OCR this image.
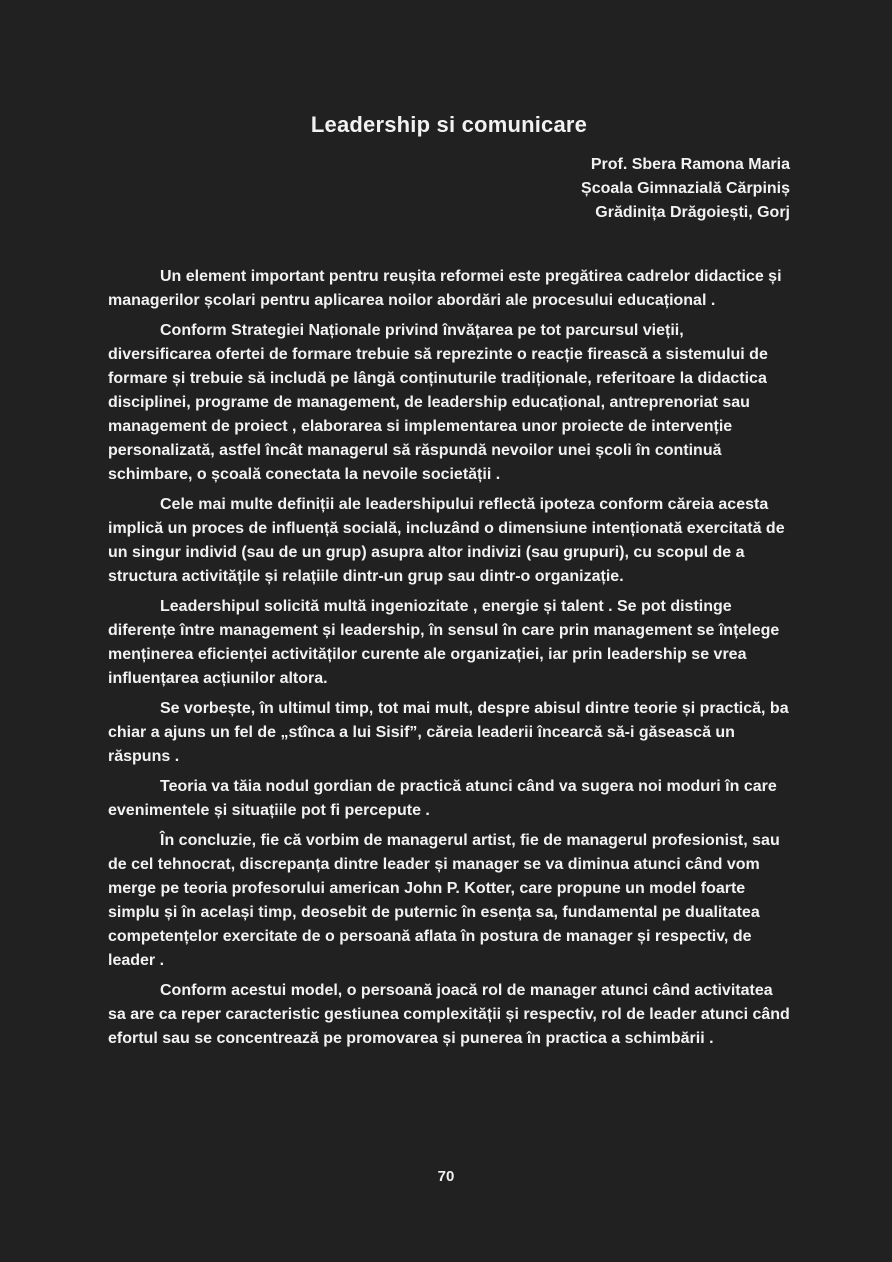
Leadership si comunicare
Prof. Sbera Ramona Maria
Școala Gimnazială Cărpiniș
Grădinița Drăgoiești, Gorj

Un element important pentru reușita reformei este pregătirea cadrelor didactice și managerilor școlari pentru aplicarea noilor abordări ale procesului educațional .

Conform Strategiei Naționale privind învățarea pe tot parcursul vieții, diversificarea ofertei de formare trebuie să reprezinte o reacție firească a sistemului de formare și trebuie să includă pe lângă conținuturile tradiționale, referitoare la didactica disciplinei, programe de management, de leadership educațional, antreprenoriat sau management de proiect , elaborarea si implementarea unor proiecte de intervenție personalizată, astfel încât managerul să răspundă nevoilor unei școli în continuă schimbare, o școală conectata la nevoile societății .

Cele mai multe definiții ale leadershipului reflectă ipoteza conform căreia acesta implică un proces de influență socială, incluzând o dimensiune intenționată exercitată de un singur individ (sau de un grup) asupra altor indivizi (sau grupuri), cu scopul de a structura activitățile și relațiile dintr-un grup sau dintr-o organizație.

Leadershipul solicită multă ingeniozitate , energie și talent . Se pot distinge diferențe între management și leadership, în sensul în care prin management se înțelege menținerea eficienței activităților curente ale organizației, iar prin leadership se vrea influențarea acțiunilor altora.

Se vorbește, în ultimul timp, tot mai mult, despre abisul dintre teorie și practică, ba chiar a ajuns un fel de „stînca a lui Sisif”, căreia leaderii încearcă să-i găsească un răspuns .

Teoria va tăia nodul gordian de practică atunci când va sugera noi moduri în care evenimentele și situațiile pot fi percepute .

În concluzie, fie că vorbim de managerul artist, fie de managerul profesionist, sau de cel tehnocrat, discrepanța dintre leader și manager se va diminua atunci când vom merge pe teoria profesorului american John P. Kotter, care propune un model foarte simplu și în același timp, deosebit de puternic în esența sa, fundamental pe dualitatea competențelor exercitate de o persoană aflata în postura de manager și respectiv, de leader .

Conform acestui model, o persoană joacă rol de manager atunci când activitatea sa are ca reper caracteristic gestiunea complexității și respectiv, rol de leader atunci când efortul sau se concentrează pe promovarea și punerea în practica a schimbării .

70
